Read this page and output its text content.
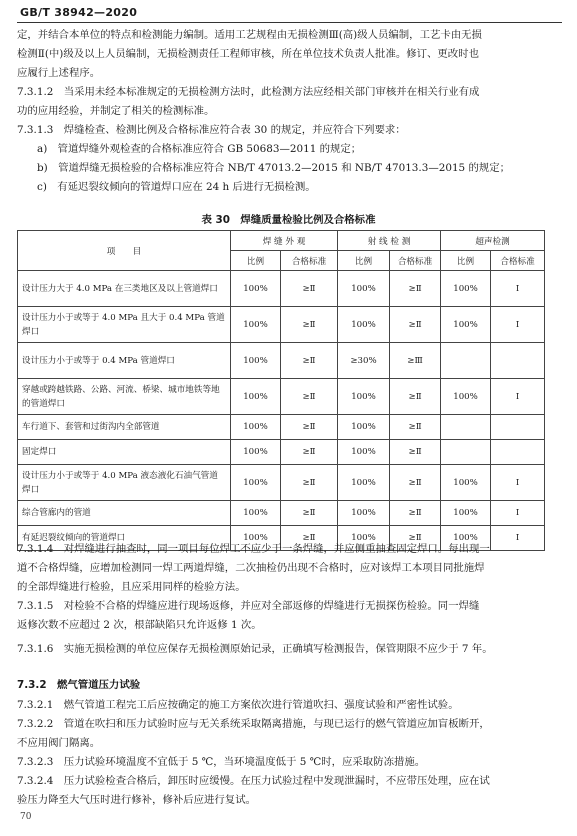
GB/T 38942—2020
定，并结合本单位的特点和检测能力编制。适用工艺规程由无损检测Ⅲ(高)级人员编制，工艺卡由无损
检测Ⅱ(中)级及以上人员编制，无损检测责任工程师审核，所在单位技术负责人批准。修订、更改时也
应履行上述程序。
7.3.1.2　当采用未经本标准规定的无损检测方法时，此检测方法应经相关部门审核并在相关行业有成
功的应用经验，并制定了相关的检测标准。
7.3.1.3　焊缝检查、检测比例及合格标准应符合表 30 的规定，并应符合下列要求：
a)　管道焊缝外观检查的合格标准应符合 GB 50683—2011 的规定；
b)　管道焊缝无损检验的合格标准应符合 NB/T 47013.2—2015 和 NB/T 47013.3—2015 的规定；
c)　有延迟裂纹倾向的管道焊口应在 24 h 后进行无损检测。
表 30　焊缝质量检验比例及合格标准
项　　目	焊 缝 外 观		射 线 检 测		超声检测	
	比例	合格标准	比例	合格标准	比例	合格标准
设计压力大于 4.0 MPa 在三类地区及以上管道焊口	100%	≥Ⅱ	100%	≥Ⅱ	100%	Ⅰ
设计压力小于或等于 4.0 MPa 且大于 0.4 MPa 管道焊口	100%	≥Ⅱ	100%	≥Ⅱ	100%	Ⅰ
设计压力小于或等于 0.4 MPa 管道焊口	100%	≥Ⅱ	≥30%	≥Ⅲ		
穿越或跨越铁路、公路、河流、桥梁、城市地铁等地的管道焊口	100%	≥Ⅱ	100%	≥Ⅱ	100%	Ⅰ
车行道下、套管和过街沟内全部管道	100%	≥Ⅱ	100%	≥Ⅱ		
固定焊口	100%	≥Ⅱ	100%	≥Ⅱ		
设计压力小于或等于 4.0 MPa 液态液化石油气管道焊口	100%	≥Ⅱ	100%	≥Ⅱ	100%	Ⅰ
综合管廊内的管道	100%	≥Ⅱ	100%	≥Ⅱ	100%	Ⅰ
有延迟裂纹倾向的管道焊口	100%	≥Ⅱ	100%	≥Ⅱ	100%	Ⅰ
7.3.1.4　对焊缝进行抽查时，同一项目每位焊工不应少于一条焊缝，并应侧重抽查固定焊口。每出现一
道不合格焊缝，应增加检测同一焊工两道焊缝，二次抽检仍出现不合格时，应对该焊工本项目同批施焊
的全部焊缝进行检验，且应采用同样的检验方法。
7.3.1.5　对检验不合格的焊缝应进行现场返修，并应对全部返修的焊缝进行无损探伤检验。同一焊缝
返修次数不应超过 2 次，根部缺陷只允许返修 1 次。
7.3.1.6　实施无损检测的单位应保存无损检测原始记录，正确填写检测报告，保管期限不应少于 7 年。
7.3.2　燃气管道压力试验
7.3.2.1　燃气管道工程完工后应按确定的施工方案依次进行管道吹扫、强度试验和严密性试验。
7.3.2.2　管道在吹扫和压力试验时应与无关系统采取隔离措施，与现已运行的燃气管道应加盲板断开，
不应用阀门隔离。
7.3.2.3　压力试验环境温度不宜低于 5 ℃，当环境温度低于 5 ℃时，应采取防冻措施。
7.3.2.4　压力试验检查合格后，卸压时应缓慢。在压力试验过程中发现泄漏时，不应带压处理，应在试
验压力降至大气压时进行修补，修补后应进行复试。
70
